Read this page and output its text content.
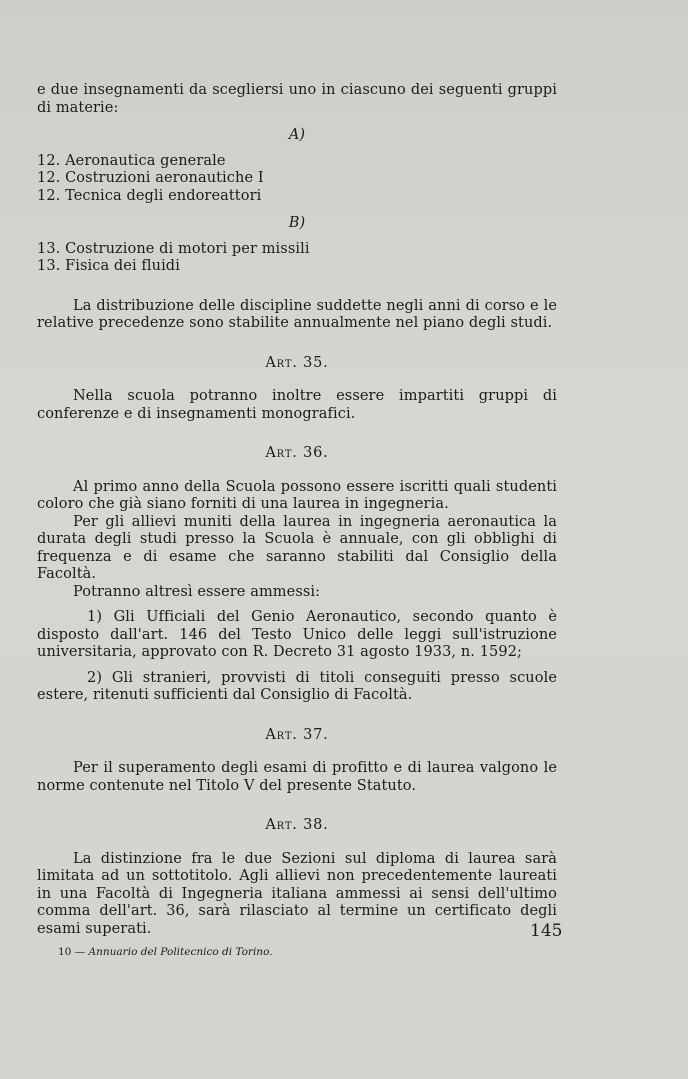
e due insegnamenti da scegliersi uno in ciascuno dei seguenti gruppi di materie:

A)

12. Aeronautica generale

12. Costruzioni aeronautiche I

12. Tecnica degli endoreattori

B)

13. Costruzione di motori per missili

13. Fisica dei fluidi

La distribuzione delle discipline suddette negli anni di corso e le relative precedenze sono stabilite annualmente nel piano degli studi.

Art. 35.

Nella scuola potranno inoltre essere impartiti gruppi di conferenze e di insegnamenti monografici.

Art. 36.

Al primo anno della Scuola possono essere iscritti quali studenti coloro che già siano forniti di una laurea in ingegneria.

Per gli allievi muniti della laurea in ingegneria aeronautica la durata degli studi presso la Scuola è annuale, con gli obblighi di frequenza e di esame che saranno stabiliti dal Consiglio della Facoltà.

Potranno altresì essere ammessi:

1) Gli Ufficiali del Genio Aeronautico, secondo quanto è disposto dall'art. 146 del Testo Unico delle leggi sull'istruzione universitaria, approvato con R. Decreto 31 agosto 1933, n. 1592;

2) Gli stranieri, provvisti di titoli conseguiti presso scuole estere, ritenuti sufficienti dal Consiglio di Facoltà.

Art. 37.

Per il superamento degli esami di profitto e di laurea valgono le norme contenute nel Titolo V del presente Statuto.

Art. 38.

La distinzione fra le due Sezioni sul diploma di laurea sarà limitata ad un sottotitolo. Agli allievi non precedentemente laureati in una Facoltà di Ingegneria italiana ammessi ai sensi dell'ultimo comma dell'art. 36, sarà rilasciato al termine un certificato degli esami superati.	145
10 — Annuario del Politecnico di Torino.
